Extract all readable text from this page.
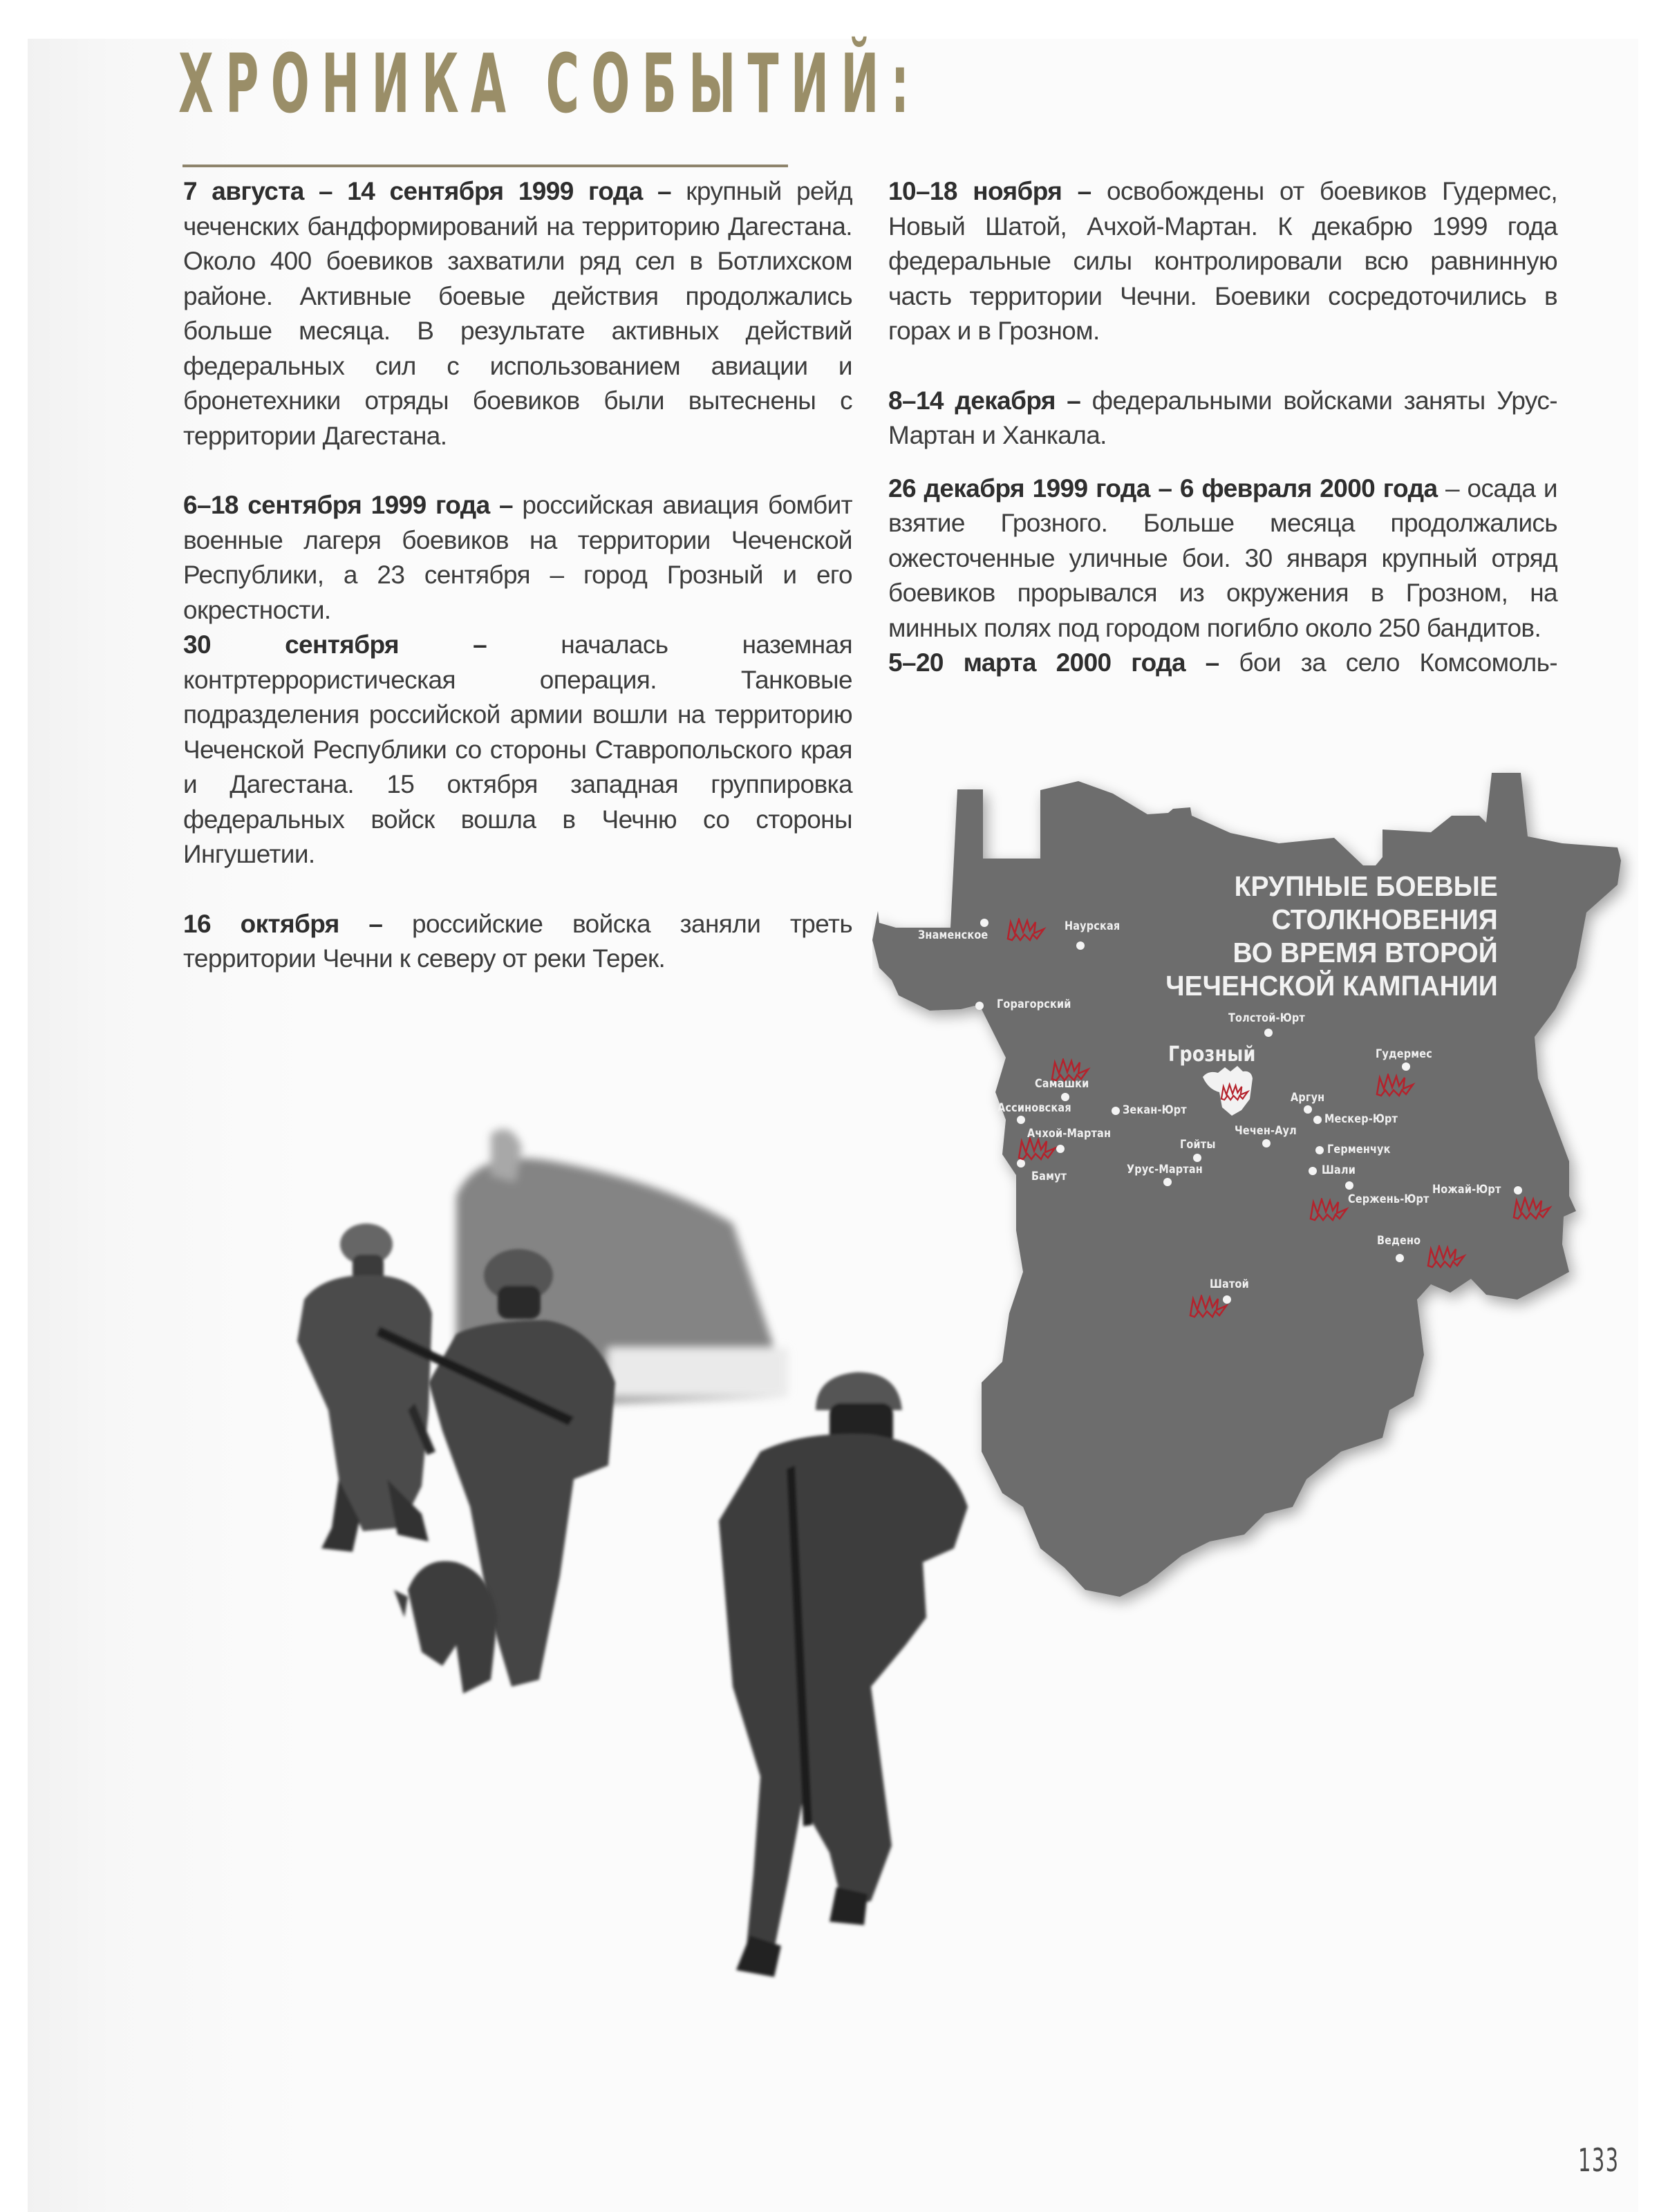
ХРОНИКА СОБЫТИЙ:

7 августа – 14 сентября 1999 года – крупный рейд чеченских бандформирований на территорию Дагестана. Около 400 боевиков захватили ряд сел в Ботлихском районе. Активные боевые действия продолжались больше месяца. В результате активных действий федеральных сил с использованием авиации и бронетехники отряды боевиков были вытеснены с территории Дагестана.

6–18 сентября 1999 года – российская авиация бомбит военные лагеря боевиков на территории Чеченской Республики, а 23 сентября – город Грозный и его окрестности.

30 сентября – началась наземная контртеррористическая операция. Танковые подразделения российской армии вошли на территорию Чеченской Республики со стороны Ставропольского края и Дагестана. 15 октября западная группировка федеральных войск вошла в Чечню со стороны Ингушетии.

16 октября – российские войска заняли треть территории Чечни к северу от реки Терек.

10–18 ноября – освобождены от боевиков Гудермес, Новый Шатой, Ачхой-Мартан. К декабрю 1999 года федеральные силы контролировали всю равнинную часть территории Чечни. Боевики сосредоточились в горах и в Грозном.

8–14 декабря – федеральными войсками заняты Урус-Мартан и Ханкала.

26 декабря 1999 года – 6 февраля 2000 года – осада и взятие Грозного. Больше месяца продолжались ожесточенные уличные бои. 30 января крупный отряд боевиков прорывался из окружения в Грозном, на минных полях под городом погибло около 250 бандитов.

5–20 марта 2000 года – бои за село Комсомоль-

КРУПНЫЕ БОЕВЫЕ
СТОЛКНОВЕНИЯ
ВО ВРЕМЯ ВТОРОЙ
ЧЕЧЕНСКОЙ КАМПАНИИ
Знаменское
Наурская
Горагорский
Толстой-Юрт
Грозный	Гудермес
Самашки
Ассиновская	Зекан-Юрт
Аргун
Мескер-Юрт
Ачхой-Мартан	Чечен-Аул
Гойты	Герменчук
Бамут	Шали
Урус-Мартан
Сержень-Юрт
Ножай-Юрт
Ведено
Шатой
133
